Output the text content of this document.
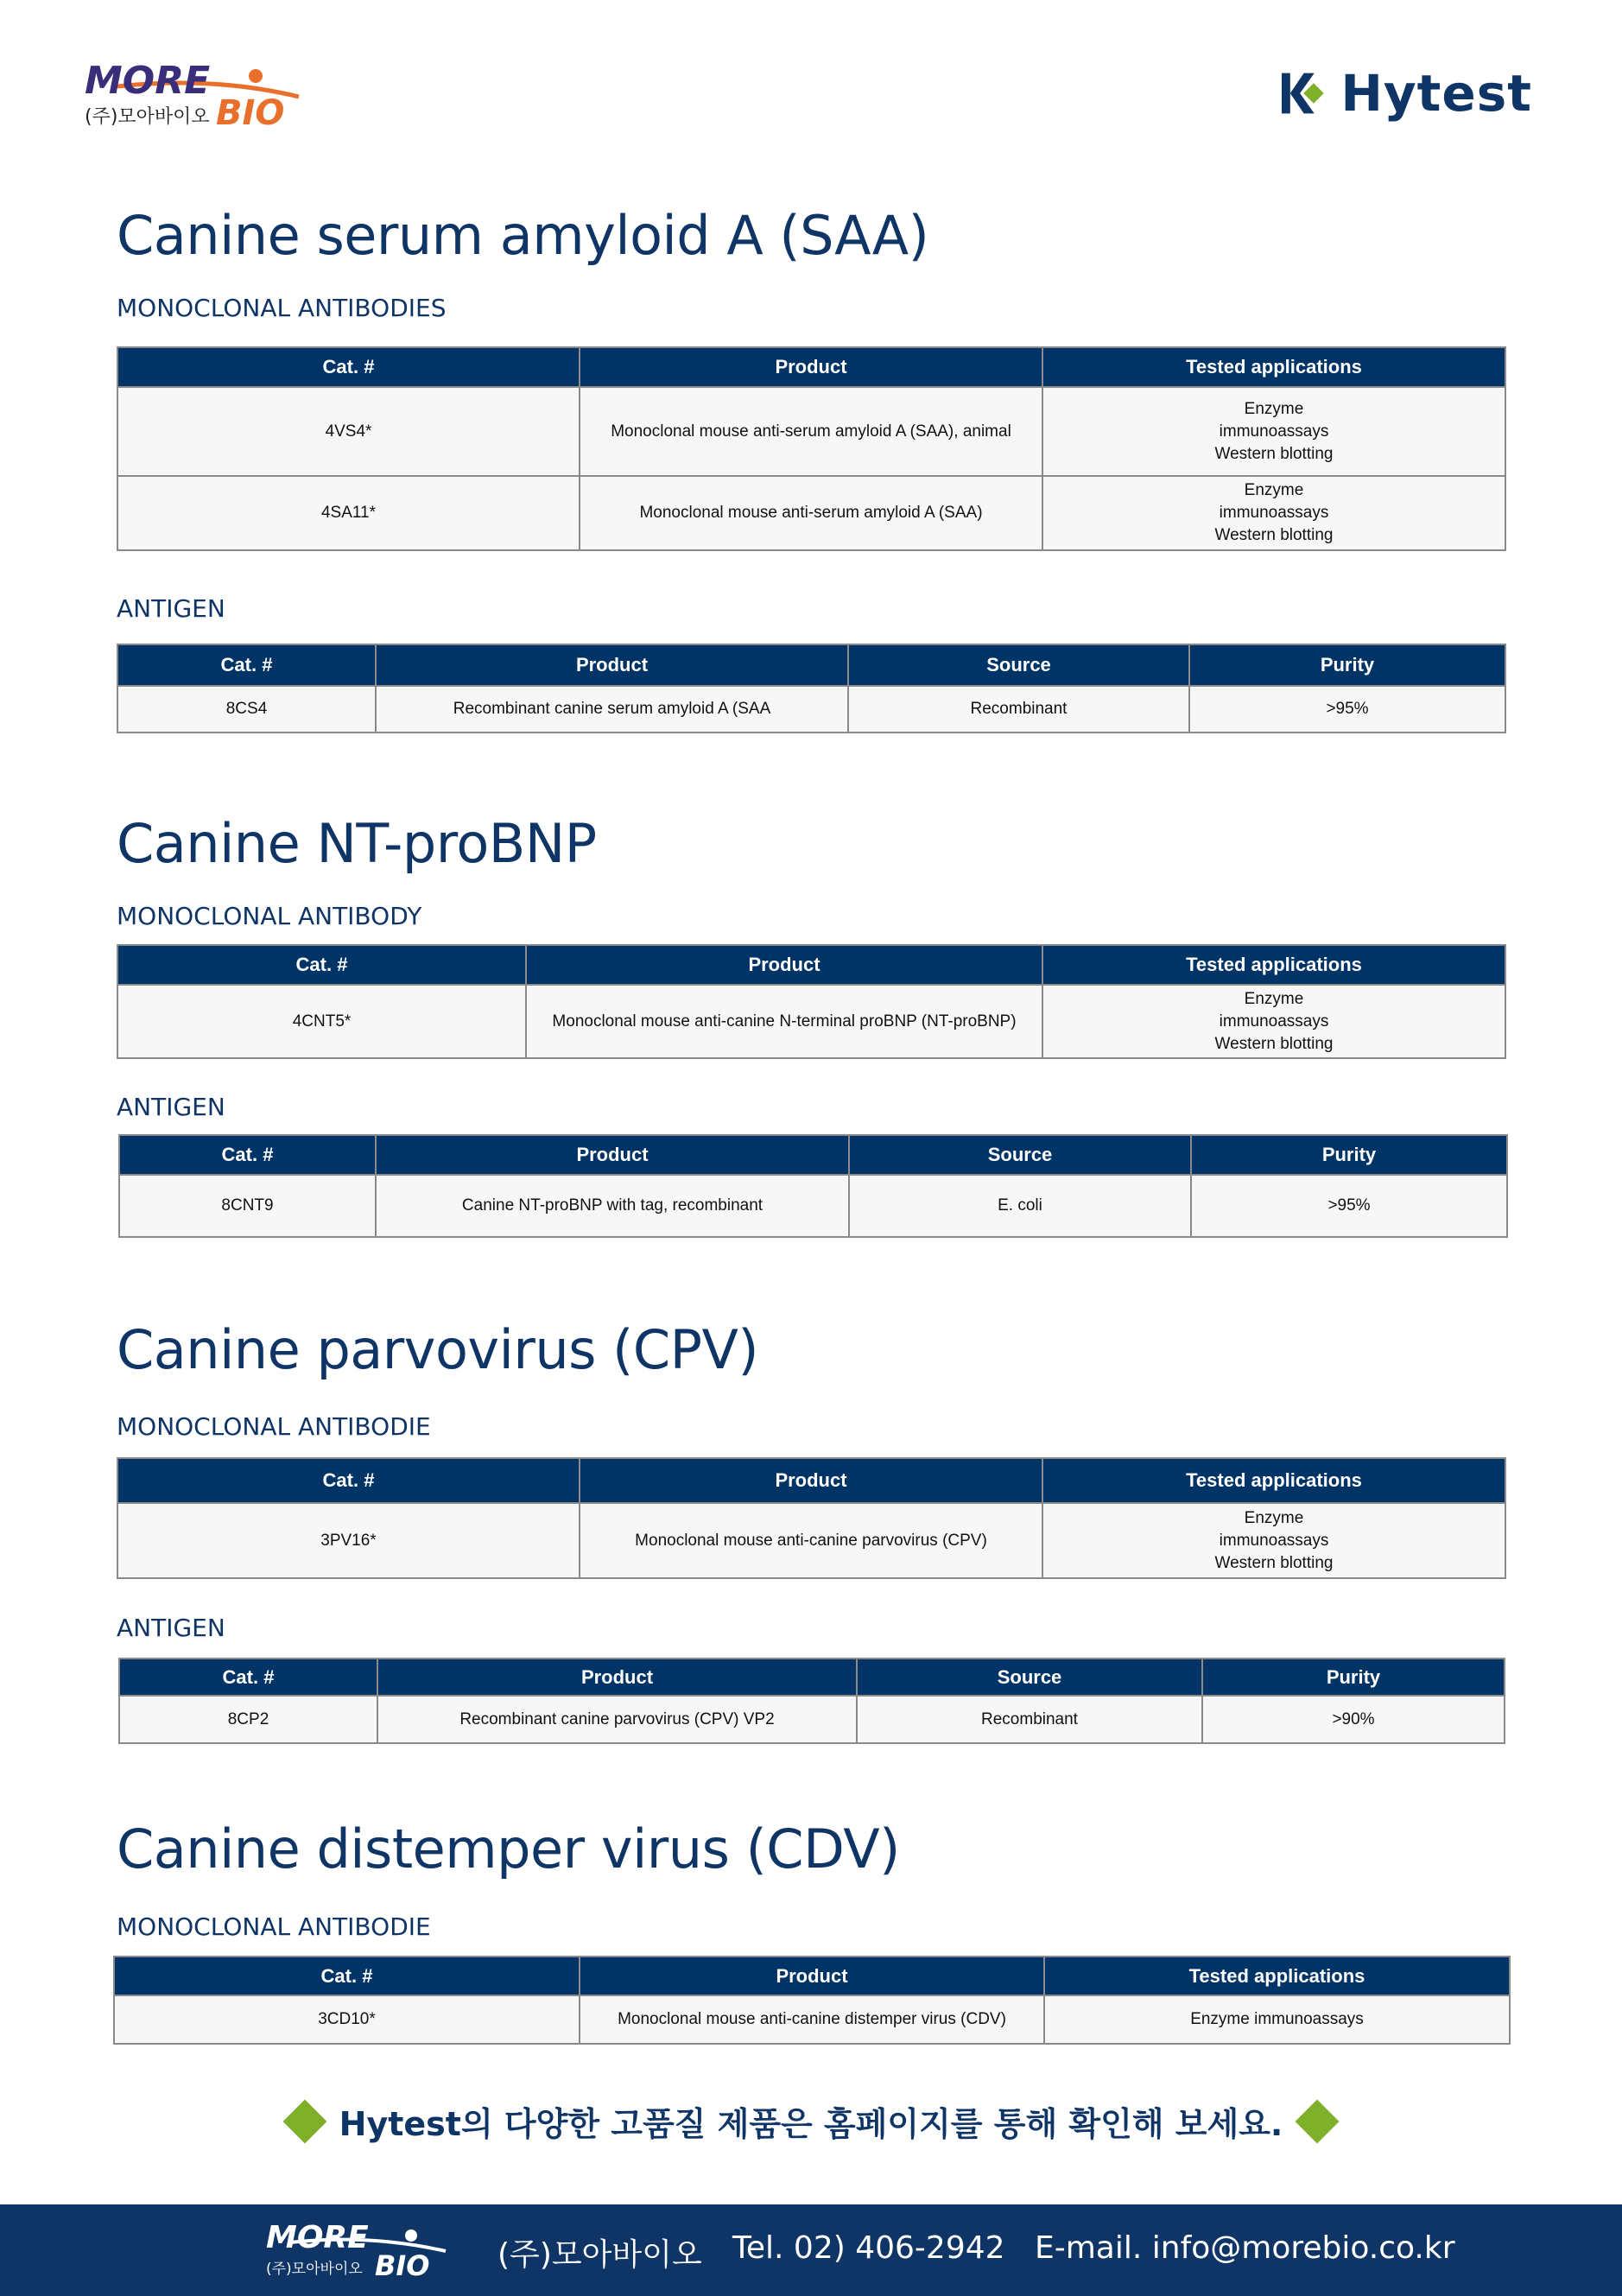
MORE
BIO
(주)모아바이오	Hytest
Canine serum amyloid A (SAA)
MONOCLONAL ANTIBODIES
Cat. #	Product	Tested applications
4VS4*	Monoclonal mouse anti-serum amyloid A (SAA), animal	Enzyme
immunoassays
Western blotting

4SA11*	Monoclonal mouse anti-serum amyloid A (SAA)	Enzyme
immunoassays
Western blotting
ANTIGEN
Cat. #	Product	Source	Purity
8CS4	Recombinant canine serum amyloid A (SAA	Recombinant	>95%
Canine NT-proBNP
MONOCLONAL ANTIBODY
Cat. #	Product	Tested applications
4CNT5*	Monoclonal mouse anti-canine N-terminal proBNP (NT-proBNP)	Enzyme
immunoassays
Western blotting
ANTIGEN
Cat. #	Product	Source	Purity
8CNT9	Canine NT-proBNP with tag, recombinant	E. coli	>95%
Canine parvovirus (CPV)
MONOCLONAL ANTIBODIE
Cat. #	Product	Tested applications
3PV16*	Monoclonal mouse anti-canine parvovirus (CPV)	Enzyme
immunoassays
Western blotting
ANTIGEN
Cat. #	Product	Source	Purity
8CP2	Recombinant canine parvovirus (CPV) VP2	Recombinant	>90%
Canine distemper virus (CDV)
MONOCLONAL ANTIBODIE
Cat. #	Product	Tested applications
3CD10*	Monoclonal mouse anti-canine distemper virus (CDV)	Enzyme immunoassays
Hytest의 다양한 고품질 제품은 홈페이지를 통해 확인해 보세요.
MORE
BIO
(주)모아바이오	(주)모아바이오 Tel. 02) 406-2942 E-mail. info@morebio.co.kr
